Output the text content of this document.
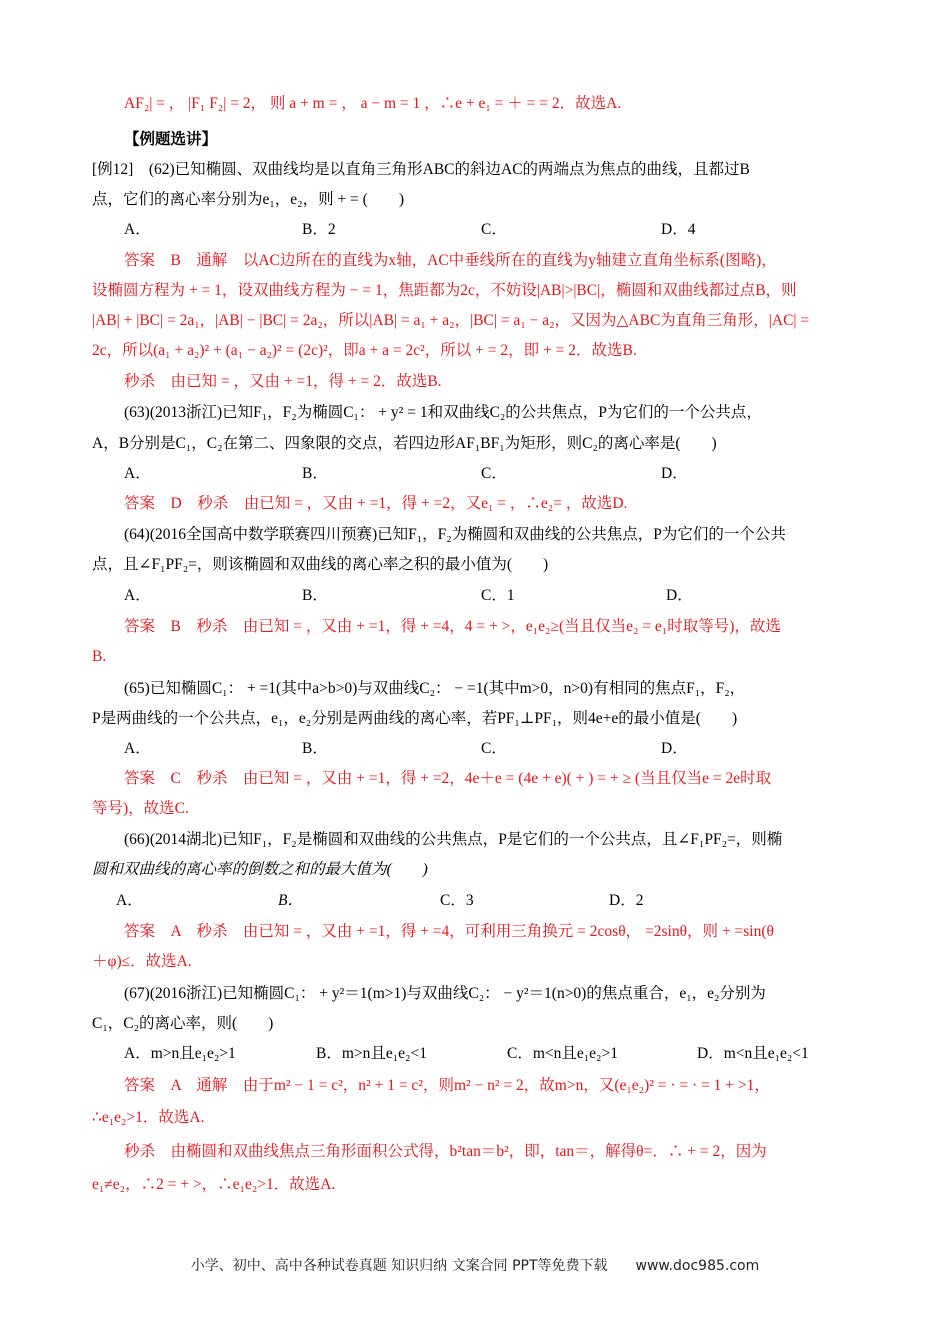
AF₂| = ， |F₁ F₂| = 2， 则 a + m = ， a − m = 1 ，∴e + e₁ = ＋ = = 2．故选A.
【例题选讲】
[例12]　(62)已知椭圆、双曲线均是以直角三角形ABC的斜边AC的两端点为焦点的曲线，且都过B
点，它们的离心率分别为e₁，e₂，则 + = (　　)
A．	B．2	C．	D．4
答案　B　通解　以AC边所在的直线为x轴，AC中垂线所在的直线为y轴建立直角坐标系(图略)，
设椭圆方程为 + = 1，设双曲线方程为 − = 1，焦距都为2c，不妨设|AB|>|BC|，椭圆和双曲线都过点B，则
|AB| + |BC| = 2a₁，|AB| − |BC| = 2a₂，所以|AB| = a₁ + a₂，|BC| = a₁ − a₂，又因为△ABC为直角三角形，|AC| =
2c，所以(a₁ + a₂)² + (a₁ − a₂)² = (2c)²，即a + a = 2c²，所以 + = 2，即 + = 2．故选B.
秒杀　由已知 = ，又由 + =1，得 + = 2．故选B.
(63)(2013浙江)已知F₁，F₂为椭圆C₁： + y² = 1和双曲线C₂的公共焦点，P为它们的一个公共点，
A，B分别是C₁，C₂在第二、四象限的交点，若四边形AF₁BF₁为矩形，则C₂的离心率是(　　)
A．	B．	C．	D．
答案　D　秒杀　由已知 = ，又由 + =1，得 + =2，又e₁ = ，∴e₂= ，故选D.
(64)(2016全国高中数学联赛四川预赛)已知F₁，F₂为椭圆和双曲线的公共焦点，P为它们的一个公共
点，且∠F₁PF₂=，则该椭圆和双曲线的离心率之积的最小值为(　　)
A．	B．	C．1	D．
答案　B　秒杀　由已知 = ，又由 + =1，得 + =4，4 = + >，e₁e₂≥(当且仅当e₂ = e₁时取等号)，故选
B.
(65)已知椭圆C₁： + =1(其中a>b>0)与双曲线C₂： − =1(其中m>0，n>0)有相同的焦点F₁，F₂，
P是两曲线的一个公共点，e₁，e₂分别是两曲线的离心率，若PF₁⊥PF₁，则4e+e的最小值是(　　)
A．	B．	C．	D．
答案　C　秒杀　由已知 = ，又由 + =1，得 + =2，4e＋e = (4e + e)( + ) = + ≥ (当且仅当e = 2e时取
等号)，故选C.
(66)(2014湖北)已知F₁，F₂是椭圆和双曲线的公共焦点，P是它们的一个公共点，且∠F₁PF₂=，则椭
圆和双曲线的离心率的倒数之和的最大值为(　　)
A．	B．	C．3	D．2
答案　A　秒杀　由已知 = ，又由 + =1，得 + =4，可利用三角换元 = 2cosθ， =2sinθ，则 + =sin(θ
＋φ)≤．故选A.
(67)(2016浙江)已知椭圆C₁： + y²＝1(m>1)与双曲线C₂： − y²＝1(n>0)的焦点重合，e₁，e₂分别为
C₁，C₂的离心率，则(　　)
A．m>n且e₁e₂>1	B．m>n且e₁e₂<1	C．m<n且e₁e₂>1	D．m<n且e₁e₂<1
答案　A　通解　由于m² − 1 = c²，n² + 1 = c²，则m² − n² = 2，故m>n，又(e₁e₂)² = · = · = 1 + >1，
∴e₁e₂>1．故选A.
秒杀　由椭圆和双曲线焦点三角形面积公式得，b²tan＝b²，即，tan＝，解得θ=．∴ + = 2，因为
e₁≠e₂，∴2 = + >，∴e₁e₂>1．故选A.
小学、初中、高中各种试卷真题 知识归纳 文案合同 PPT等免费下载　　www.doc985.com
